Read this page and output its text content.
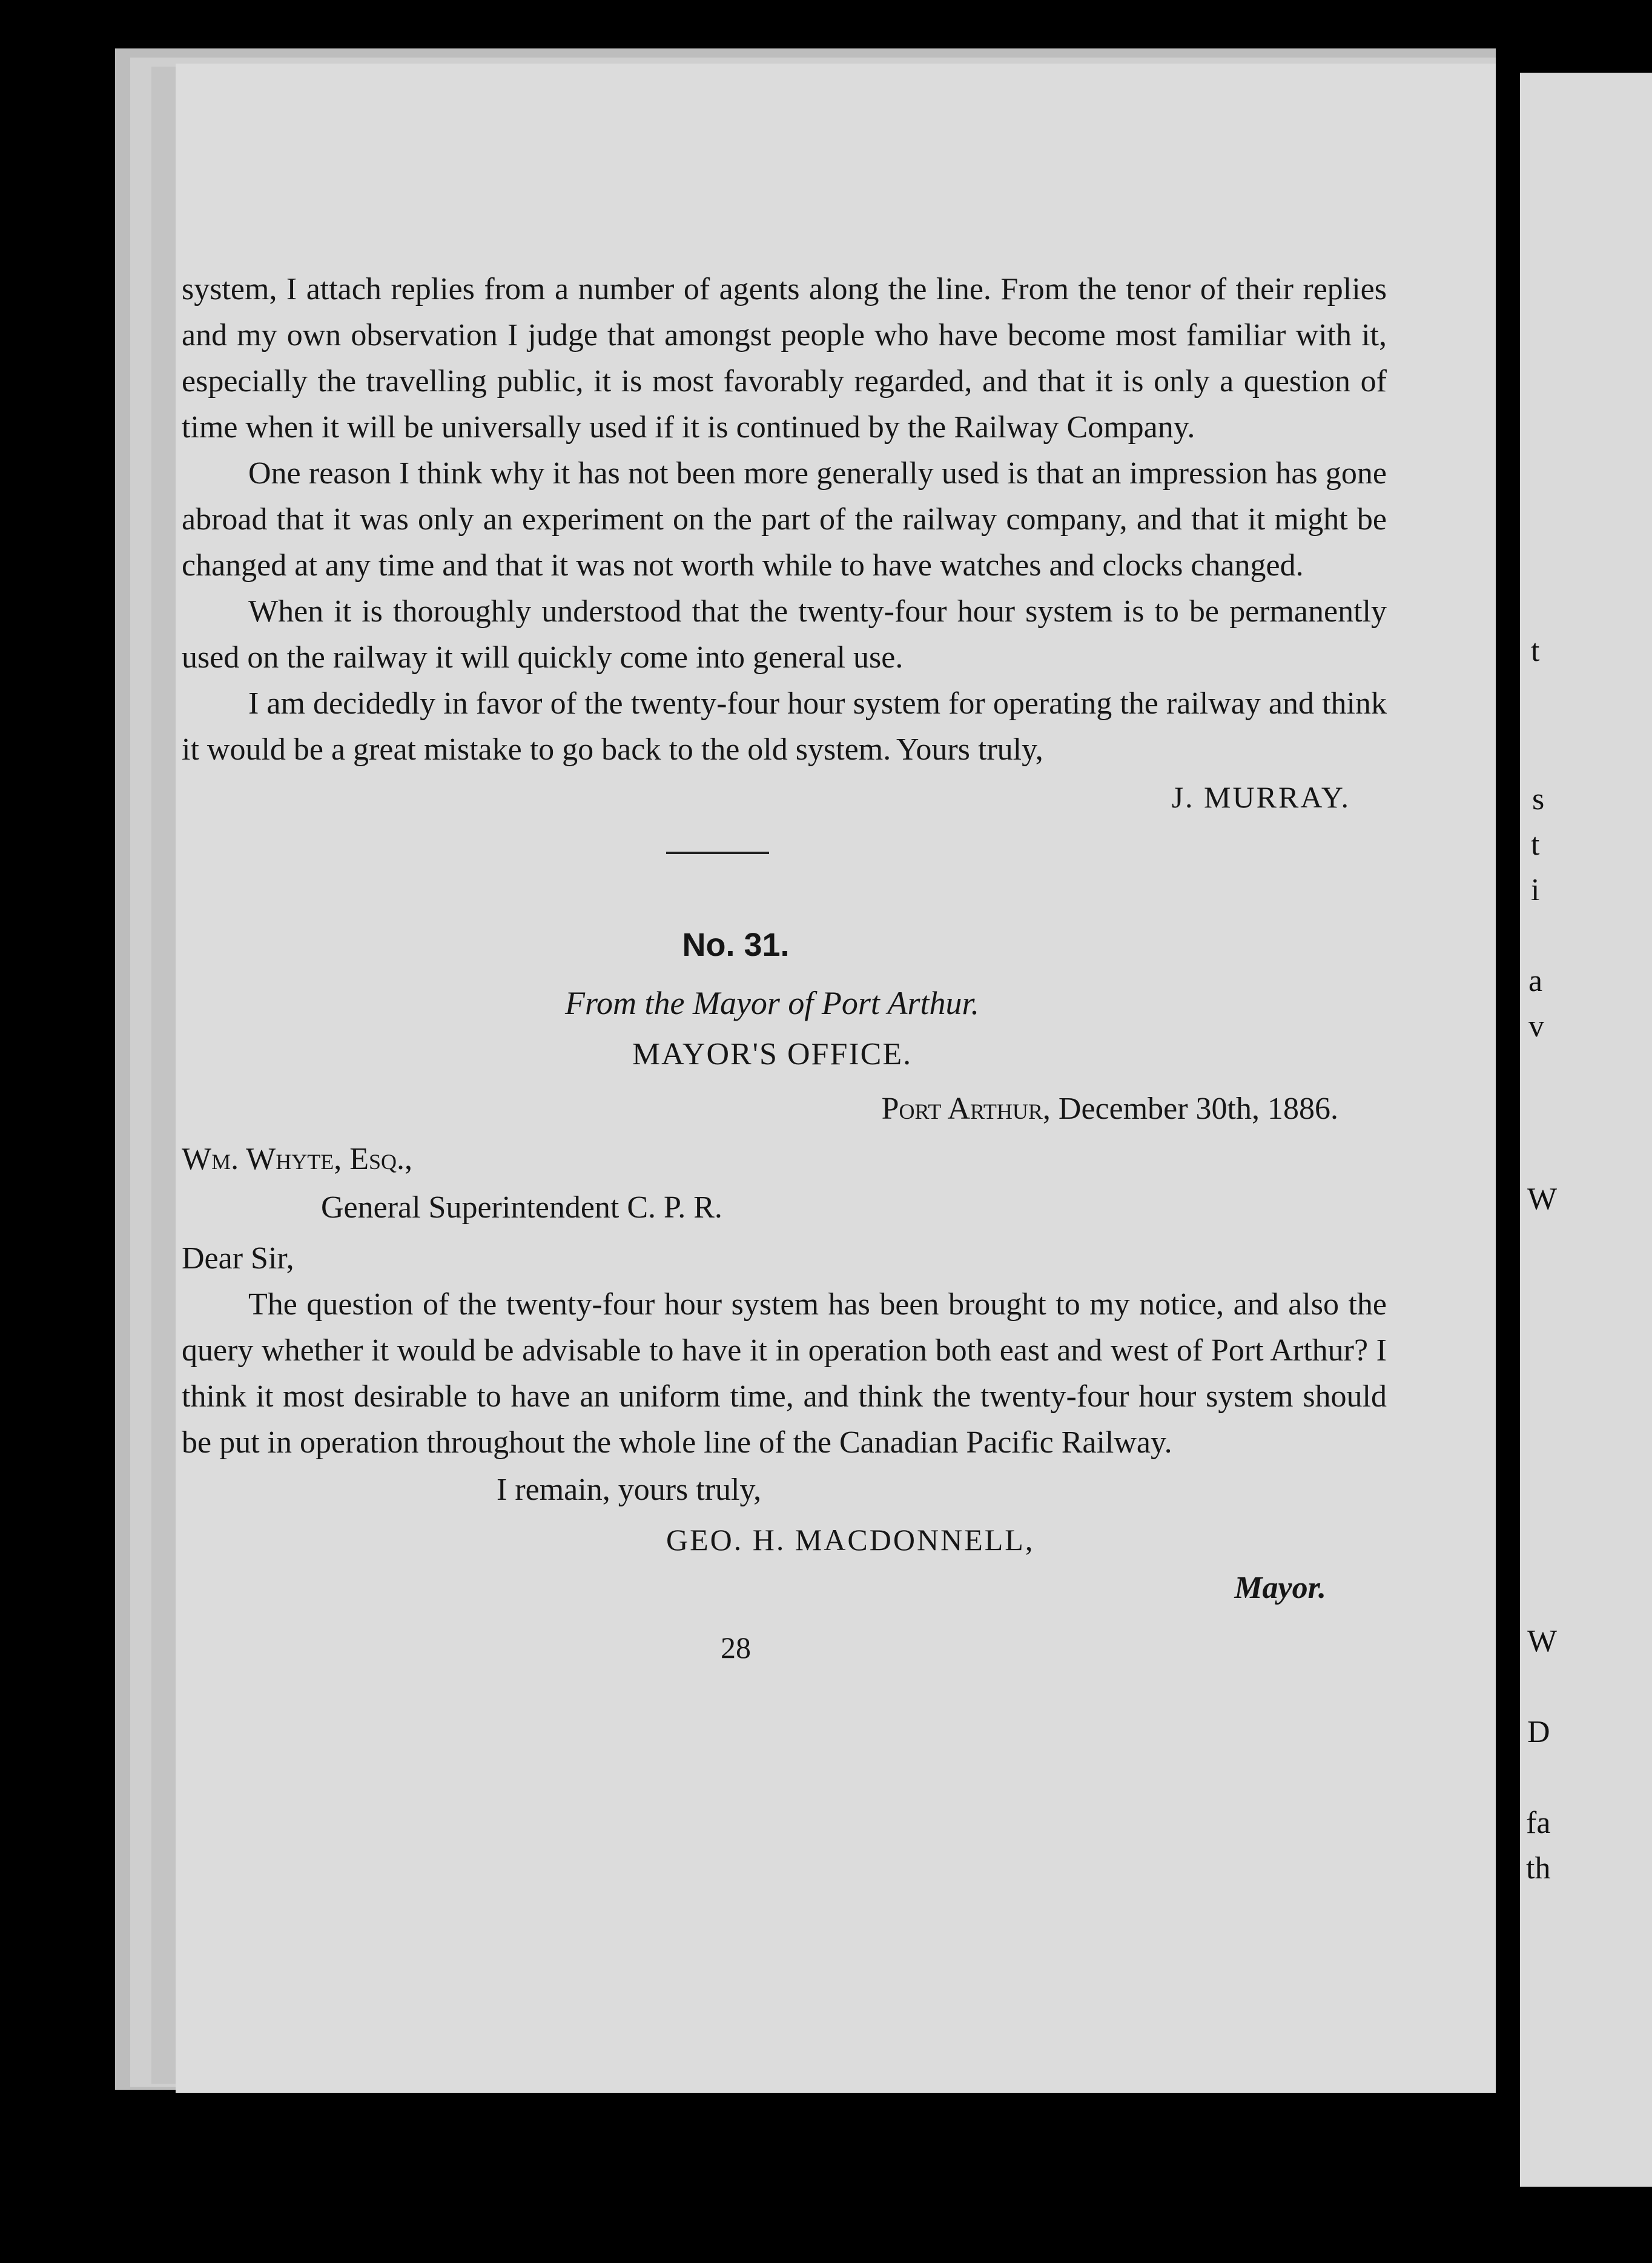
t
s
t
i
a
v
W
W
D
fa
th

system, I attach replies from a number of agents along the line. From the tenor of their replies and my own observation I judge that amongst people who have become most familiar with it, especially the travelling public, it is most favorably regarded, and that it is only a question of time when it will be universally used if it is continued by the Railway Company.

One reason I think why it has not been more generally used is that an impression has gone abroad that it was only an experiment on the part of the railway company, and that it might be changed at any time and that it was not worth while to have watches and clocks changed.

When it is thoroughly understood that the twenty-four hour system is to be permanently used on the railway it will quickly come into general use.

I am decidedly in favor of the twenty-four hour system for operating the railway and think it would be a great mistake to go back to the old system. Yours truly,
J. MURRAY.
No. 31.
From the Mayor of Port Arthur.
MAYOR'S OFFICE.
Port Arthur, December 30th, 1886.
Wm. Whyte, Esq.,
General Superintendent C. P. R.
Dear Sir,

The question of the twenty-four hour system has been brought to my notice, and also the query whether it would be advisable to have it in operation both east and west of Port Arthur? I think it most desirable to have an uniform time, and think the twenty-four hour system should be put in operation throughout the whole line of the Canadian Pacific Railway.

I remain, yours truly,
GEO. H. MACDONNELL,
Mayor.
28
